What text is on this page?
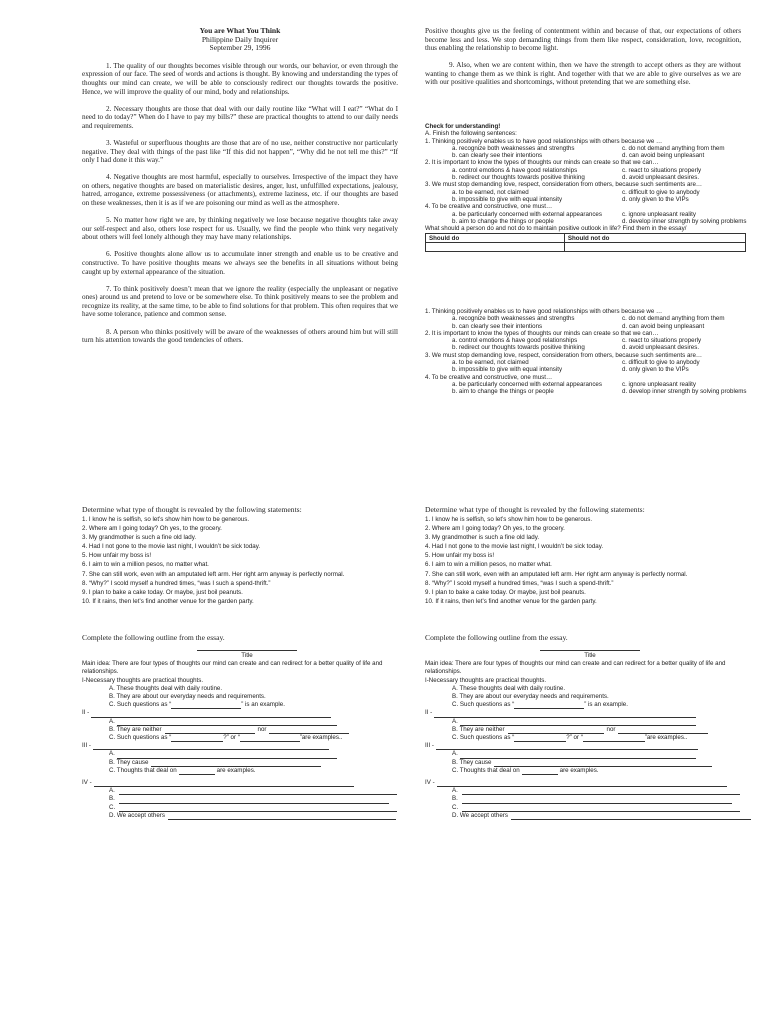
You are What You Think
Philippine Daily Inquirer
September 29, 1996

1. The quality of our thoughts becomes visible through our words, our behavior, or even through the expression of our face. The seed of words and actions is thought. By knowing and understanding the types of thoughts our mind can create, we will be able to consciously redirect our thoughts towards the positive. Hence, we will improve the quality of our mind, body and relationships.

2. Necessary thoughts are those that deal with our daily routine like “What will I eat?” “What do I need to do today?” When do I have to pay my bills?” these are practical thoughts to attend to our daily needs and requirements.

3. Wasteful or superfluous thoughts are those that are of no use, neither constructive nor particularly negative. They deal with things of the past like “If this did not happen”, “Why did he not tell me this?” “If only I had done it this way.”

4. Negative thoughts are most harmful, especially to ourselves. Irrespective of the impact they have on others, negative thoughts are based on materialistic desires, anger, lust, unfulfilled expectations, jealousy, hatred, arrogance, extreme possessiveness (or attachments), extreme laziness, etc. if our thoughts are based on these weaknesses, then it is as if we are poisoning our mind as well as the atmosphere.

5. No matter how right we are, by thinking negatively we lose because negative thoughts take away our self-respect and also, others lose respect for us. Usually, we find the people who think very negatively about others will feel lonely although they may have many relationships.

6. Positive thoughts alone allow us to accumulate inner strength and enable us to be creative and constructive. To have positive thoughts means we always see the benefits in all situations without being caught up by external appearance of the situation.

7. To think positively doesn’t mean that we ignore the reality (especially the unpleasant or negative ones) around us and pretend to love or be somewhere else. To think positively means to see the problem and recognize its reality, at the same time, to be able to find solutions for that problem. This often requires that we have some tolerance, patience and common sense.

8. A person who thinks positively will be aware of the weaknesses of others around him but will still turn his attention towards the good tendencies of others.

Positive thoughts give us the feeling of contentment within and because of that, our expectations of others become less and less. We stop demanding things from them like respect, consideration, love, recognition, thus enabling the relationship to become light.

9. Also, when we are content within, then we have the strength to accept others as they are without wanting to change them as we think is right. And together with that we are able to give ourselves as we are with our positive qualities and shortcomings, without pretending that we are something else.

Check for understanding!
A. Finish the following sentences:
1. Thinking positively enables us to have good relationships with others because we …
a. recognize both weaknesses and strengths	c. do not demand anything from them
b. can clearly see their intentions	d. can avoid being unpleasant
2. It is important to know the types of thoughts our minds can create so that we can…
a. control emotions & have good relationships	c. react to situations properly
b. redirect our thoughts towards positive thinking	d. avoid unpleasant desires.
3. We must stop demanding love, respect, consideration from others, because such sentiments are…
a. to be earned, not claimed	c. difficult to give to anybody
b. impossible to give with equal intensity	d. only given to the VIPs
4. To be creative and constructive, one must…
a. be particularly concerned with external appearances	c. ignore unpleasant reality
b. aim to change the things or people	d. develop inner strength by solving problems
What should a person do and not do to maintain positive outlook in life? Find them in the essay/
Should do	Should not do

1. Thinking positively enables us to have good relationships with others because we …
a. recognize both weaknesses and strengths	c. do not demand anything from them
b. can clearly see their intentions	d. can avoid being unpleasant
2. It is important to know the types of thoughts our minds can create so that we can…
a. control emotions & have good relationships	c. react to situations properly
b. redirect our thoughts towards positive thinking	d. avoid unpleasant desires.
3. We must stop demanding love, respect, consideration from others, because such sentiments are…
a. to be earned, not claimed	c. difficult to give to anybody
b. impossible to give with equal intensity	d. only given to the VIPs
4. To be creative and constructive, one must…
a. be particularly concerned with external appearances	c. ignore unpleasant reality
b. aim to change the things or people	d. develop inner strength by solving problems
Determine what type of thought is revealed by the following statements:
1. I know he is selfish, so let’s show him how to be generous.
2. Where am I going today? Oh yes, to the grocery.
3. My grandmother is such a fine old lady.
4. Had I not gone to the movie last night, I wouldn’t be sick today.
5. How unfair my boss is!
6. I aim to win a million pesos, no matter what.
7. She can still work, even with an amputated left arm. Her right arm anyway is perfectly normal.
8. “Why?” I scold myself a hundred times, “was I such a spend-thrift.”
9. I plan to bake a cake today. Or maybe, just boil peanuts.
10. If it rains, then let’s find another venue for the garden party.
Complete the following outline from the essay.
Title
Main idea: There are four types of thoughts our mind can create and can redirect for a better quality of life and relationships.
I-Necessary thoughts are practical thoughts.
A. These thoughts deal with daily routine.
B. They are about our everyday needs and requirements.
C. Such questions as “	” is an example.
II -
A.
B. They are neither	nor
C. Such questions as “	?” or “	”are examples..
III -
A.
B. They cause
C. Thoughts that deal on	are examples.
IV -
A.
B.
C.
D. We accept others
Determine what type of thought is revealed by the following statements:
1. I know he is selfish, so let’s show him how to be generous.
2. Where am I going today? Oh yes, to the grocery.
3. My grandmother is such a fine old lady.
4. Had I not gone to the movie last night, I wouldn’t be sick today.
5. How unfair my boss is!
6. I aim to win a million pesos, no matter what.
7. She can still work, even with an amputated left arm. Her right arm anyway is perfectly normal.
8. “Why?” I scold myself a hundred times, “was I such a spend-thrift.”
9. I plan to bake a cake today. Or maybe, just boil peanuts.
10. If it rains, then let’s find another venue for the garden party.
Complete the following outline from the essay.
Title
Main idea: There are four types of thoughts our mind can create and can redirect for a better quality of life and relationships.
I-Necessary thoughts are practical thoughts.
A. These thoughts deal with daily routine.
B. They are about our everyday needs and requirements.
C. Such questions as “	” is an example.
II -
A.
B. They are neither	nor
C. Such questions as “	?” or “	”are examples..
III -
A.
B. They cause
C. Thoughts that deal on	are examples.
IV -
A.
B.
C.
D. We accept others
